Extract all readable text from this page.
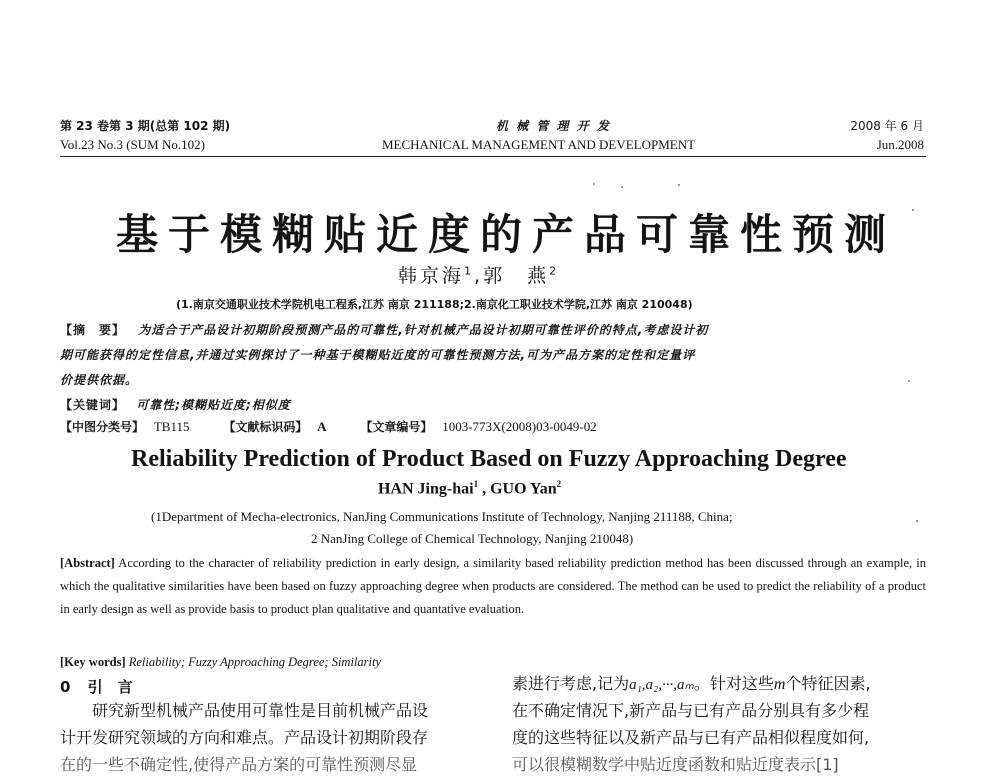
第 23 卷第 3 期(总第 102 期)
Vol.23 No.3 (SUM No.102)
机 械 管 理 开 发
MECHANICAL MANAGEMENT AND DEVELOPMENT
2008 年 6 月
Jun.2008
基于模糊贴近度的产品可靠性预测
韩京海$^1$,郭　燕$^2$
(1.南京交通职业技术学院机电工程系,江苏 南京 211188;2.南京化工职业技术学院,江苏 南京 210048)
【摘　要】 为适合于产品设计初期阶段预测产品的可靠性,针对机械产品设计初期可靠性评价的特点,考虑设计初
期可能获得的定性信息,并通过实例探讨了一种基于模糊贴近度的可靠性预测方法,可为产品方案的定性和定量评
价提供依据。
【关键词】 可靠性;模糊贴近度;相似度
【中图分类号】 TB115	【文献标识码】 A	【文章编号】 1003-773X(2008)03-0049-02
Reliability Prediction of Product Based on Fuzzy Approaching Degree
HAN Jing-hai$^1$ , GUO Yan$^2$
(1Department of Mecha-electronics, NanJing Communications Institute of Technology, Nanjing 211188, China;
2 NanJing College of Chemical Technology, Nanjing 210048)
[Abstract] According to the character of reliability prediction in early design, a similarity based reliability prediction method has been discussed through an example, in which the qualitative similarities have been based on fuzzy approaching degree when products are considered. The method can be used to predict the reliability of a product in early design as well as provide basis to product plan qualitative and quantative evaluation.
[Key words] Reliability; Fuzzy Approaching Degree; Similarity
0 引　言
　　研究新型机械产品使用可靠性是目前机械产品设
计开发研究领域的方向和难点。产品设计初期阶段存
在的一些不确定性,使得产品方案的可靠性预测尽显
素进行考虑,记为a₁,a₂,···,aₘ。针对这些m个特征因素,
在不确定情况下,新产品与已有产品分别具有多少程
度的这些特征以及新产品与已有产品相似程度如何,
可以很模糊数学中贴近度函数和贴近度表示[1]
